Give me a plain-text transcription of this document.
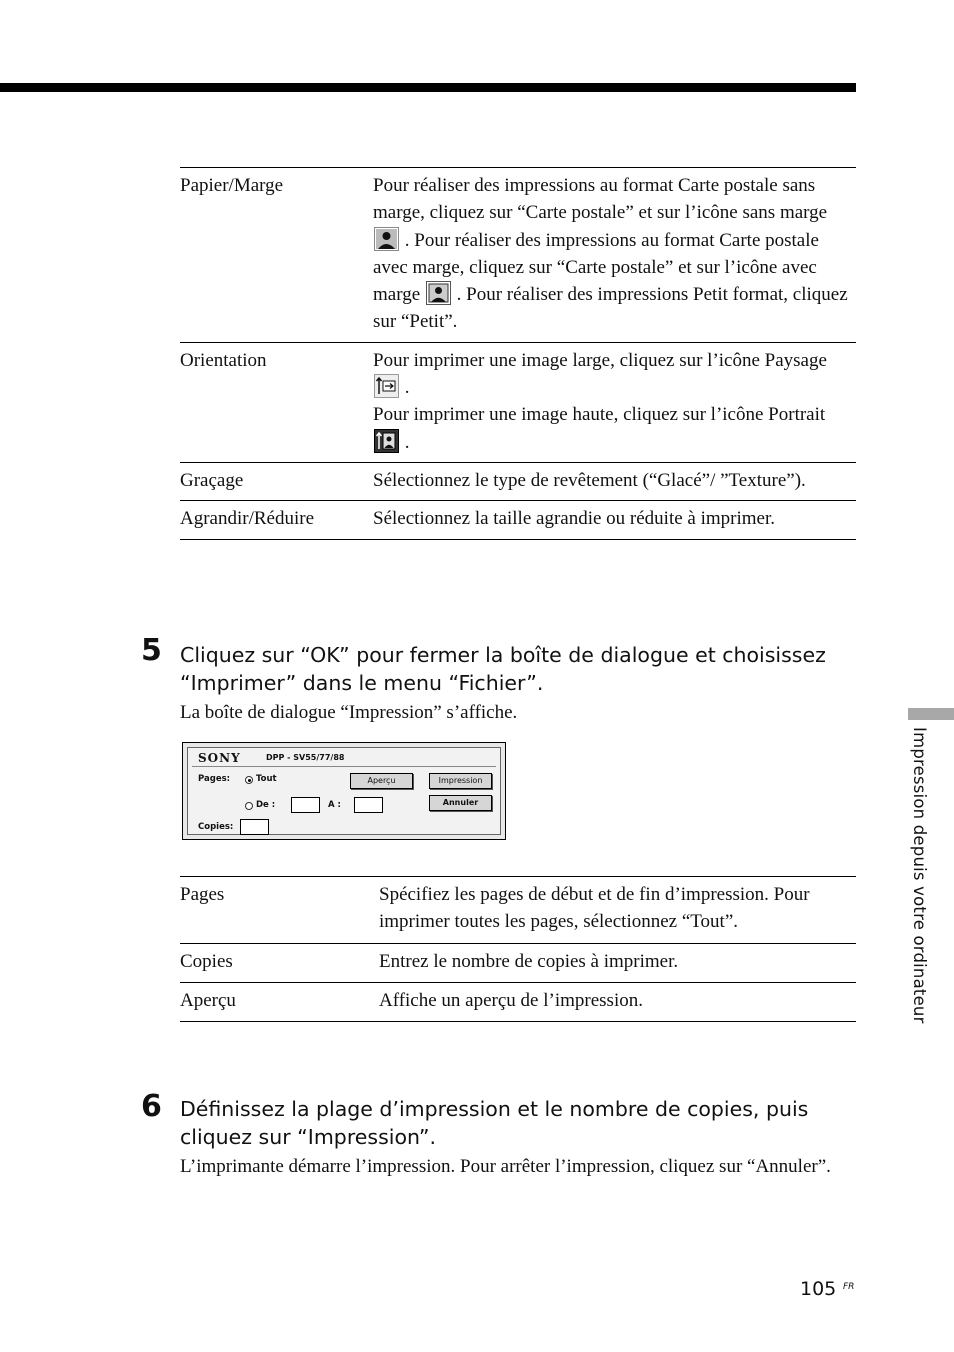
Papier/Marge	Pour réaliser des impressions au format Carte postale sans marge, cliquez sur “Carte postale” et sur l’icône sans marge  . Pour réaliser des impressions au format Carte postale avec marge, cliquez sur “Carte postale” et sur l’icône avec marge . Pour réaliser des impressions Petit format, cliquez sur “Petit”.
Orientation	Pour imprimer une image large, cliquez sur l’icône Paysage  .
Pour imprimer une image haute, cliquez sur l’icône Portrait  .
Graçage	Sélectionnez le type de revêtement (“Glacé”/ ”Texture”).
Agrandir/Réduire	Sélectionnez la taille agrandie ou réduite à imprimer.
5 Cliquez sur “OK” pour fermer la boîte de dialogue et choisissez “Imprimer” dans le menu “Fichier”.
La boîte de dialogue “Impression” s’affiche.
SONY	DPP - SV55/77/88
Pages:	Tout
De :	A :
Copies:
Aperçu	Impression
Annuler
Pages	Spécifiez les pages de début et de fin d’impression. Pour imprimer toutes les pages, sélectionnez “Tout”.
Copies	Entrez le nombre de copies à imprimer.
Aperçu	Affiche un aperçu de l’impression.
6 Définissez la plage d’impression et le nombre de copies, puis cliquez sur “Impression”.
L’imprimante démarre l’impression. Pour arrêter l’impression, cliquez sur “Annuler”.
Impression depuis votre ordinateur
105 FR
